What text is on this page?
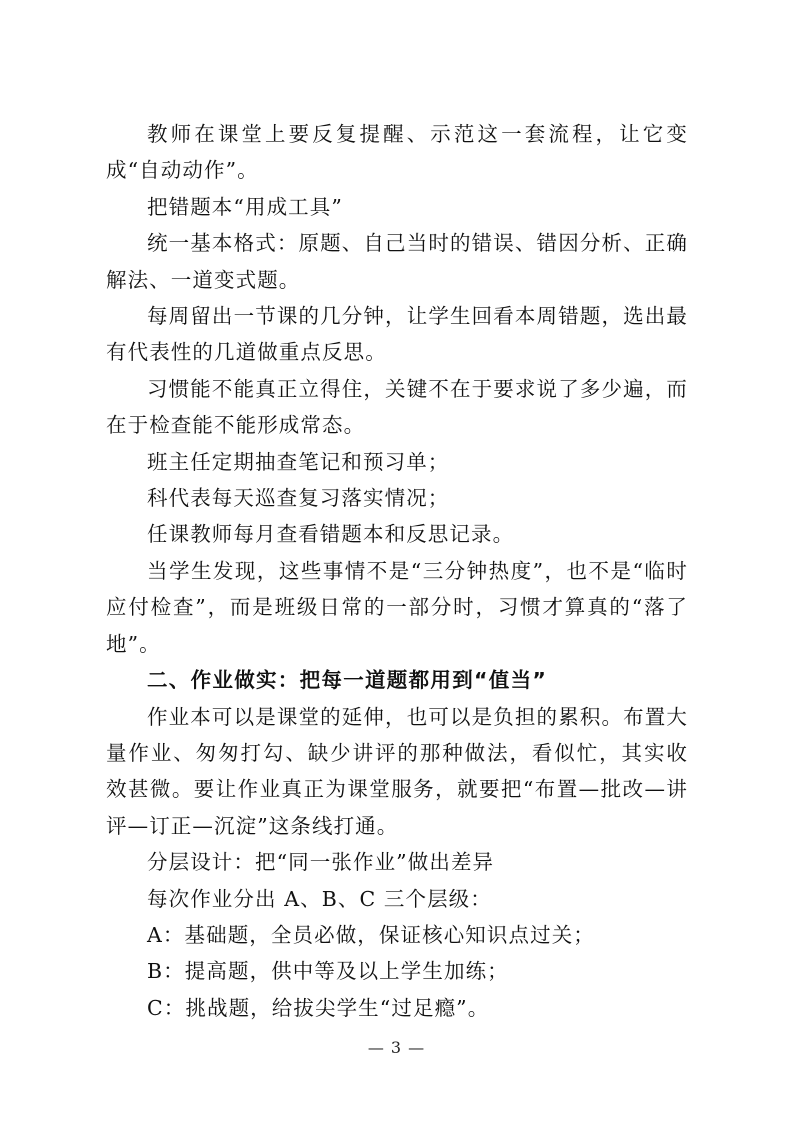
教师在课堂上要反复提醒、示范这一套流程，让它变成“自动动作”。

把错题本“用成工具”

统一基本格式：原题、自己当时的错误、错因分析、正确解法、一道变式题。

每周留出一节课的几分钟，让学生回看本周错题，选出最有代表性的几道做重点反思。

习惯能不能真正立得住，关键不在于要求说了多少遍，而在于检查能不能形成常态。

班主任定期抽查笔记和预习单；

科代表每天巡查复习落实情况；

任课教师每月查看错题本和反思记录。

当学生发现，这些事情不是“三分钟热度”，也不是“临时应付检查”，而是班级日常的一部分时，习惯才算真的“落了地”。

二、作业做实：把每一道题都用到“值当”

作业本可以是课堂的延伸，也可以是负担的累积。布置大量作业、匆匆打勾、缺少讲评的那种做法，看似忙，其实收效甚微。要让作业真正为课堂服务，就要把“布置—批改—讲评—订正—沉淀”这条线打通。

分层设计：把“同一张作业”做出差异

每次作业分出 A、B、C 三个层级：

A：基础题，全员必做，保证核心知识点过关；

B：提高题，供中等及以上学生加练；

C：挑战题，给拔尖学生“过足瘾”。

— 3 —
